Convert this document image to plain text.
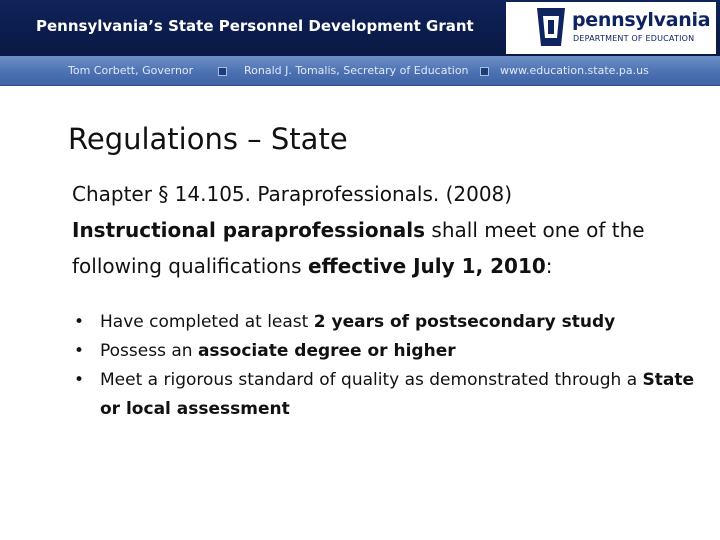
Pennsylvania’s State Personnel Development Grant	pennsylvania
DEPARTMENT OF EDUCATION
Tom Corbett, Governor	Ronald J. Tomalis, Secretary of Education	www.education.state.pa.us
Regulations – State
Chapter § 14.105. Paraprofessionals. (2008)
Instructional paraprofessionals shall meet one of the following qualifications effective July 1, 2010:
• Have completed at least 2 years of postsecondary study
• Possess an associate degree or higher
• Meet a rigorous standard of quality as demonstrated through a State or local assessment
